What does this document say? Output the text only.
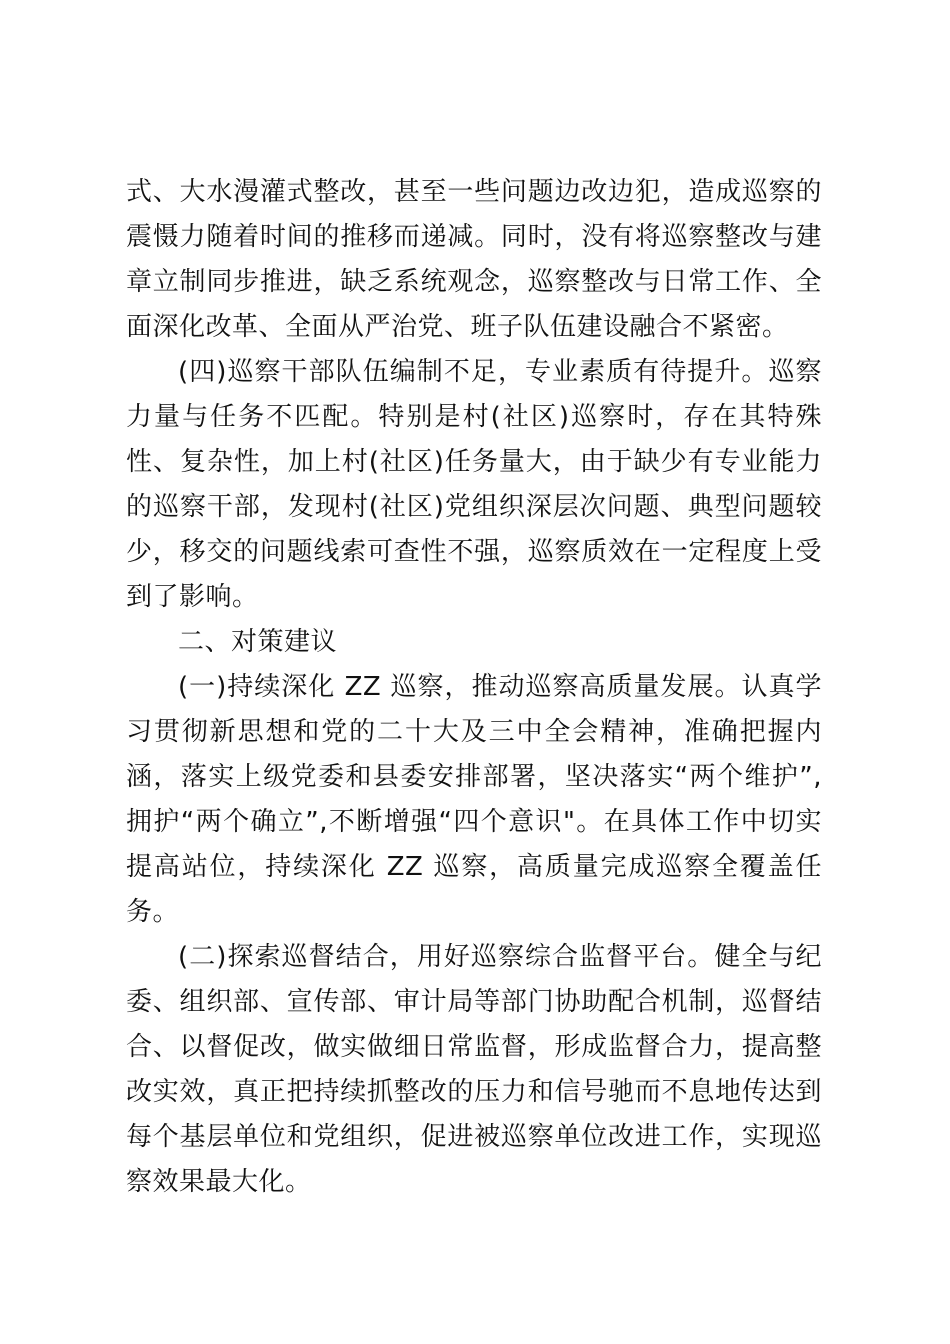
式、大水漫灌式整改，甚至一些问题边改边犯，造成巡察的震慑力随着时间的推移而递减。同时，没有将巡察整改与建章立制同步推进，缺乏系统观念，巡察整改与日常工作、全面深化改革、全面从严治党、班子队伍建设融合不紧密。

(四)巡察干部队伍编制不足，专业素质有待提升。巡察力量与任务不匹配。特别是村(社区)巡察时，存在其特殊性、复杂性，加上村(社区)任务量大，由于缺少有专业能力的巡察干部，发现村(社区)党组织深层次问题、典型问题较少，移交的问题线索可查性不强，巡察质效在一定程度上受到了影响。

二、对策建议

(一)持续深化 ZZ 巡察，推动巡察高质量发展。认真学习贯彻新思想和党的二十大及三中全会精神，准确把握内涵，落实上级党委和县委安排部署，坚决落实“两个维护”,拥护“两个确立”,不断增强“四个意识"。在具体工作中切实提高站位，持续深化 ZZ 巡察，高质量完成巡察全覆盖任务。

(二)探索巡督结合，用好巡察综合监督平台。健全与纪委、组织部、宣传部、审计局等部门协助配合机制，巡督结合、以督促改，做实做细日常监督，形成监督合力，提高整改实效，真正把持续抓整改的压力和信号驰而不息地传达到每个基层单位和党组织，促进被巡察单位改进工作，实现巡察效果最大化。
